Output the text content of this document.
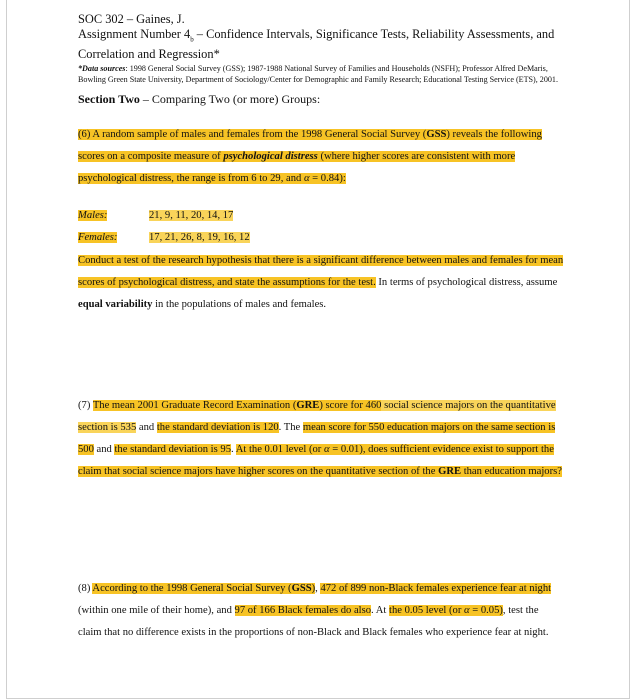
SOC 302 – Gaines, J.
Assignment Number $4_b$ – Confidence Intervals, Significance Tests, Reliability Assessments, and Correlation and Regression*
*Data sources: 1998 General Social Survey (GSS); 1987-1988 National Survey of Families and Households (NSFH); Professor Alfred DeMaris, Bowling Green State University, Department of Sociology/Center for Demographic and Family Research; Educational Testing Service (ETS), 2001.
Section Two – Comparing Two (or more) Groups:
(6) A random sample of males and females from the 1998 General Social Survey (GSS) reveals the following scores on a composite measure of psychological distress (where higher scores are consistent with more psychological distress, the range is from 6 to 29, and α = 0.84):
Males:	21, 9, 11, 20, 14, 17
Females:	17, 21, 26, 8, 19, 16, 12
Conduct a test of the research hypothesis that there is a significant difference between males and females for mean scores of psychological distress, and state the assumptions for the test. In terms of psychological distress, assume equal variability in the populations of males and females.
(7) The mean 2001 Graduate Record Examination (GRE) score for 460 social science majors on the quantitative section is 535 and the standard deviation is 120. The mean score for 550 education majors on the same section is 500 and the standard deviation is 95. At the 0.01 level (or α = 0.01), does sufficient evidence exist to support the claim that social science majors have higher scores on the quantitative section of the GRE than education majors?
(8) According to the 1998 General Social Survey (GSS), 472 of 899 non-Black females experience fear at night (within one mile of their home), and 97 of 166 Black females do also. At the 0.05 level (or α = 0.05), test the claim that no difference exists in the proportions of non-Black and Black females who experience fear at night.
